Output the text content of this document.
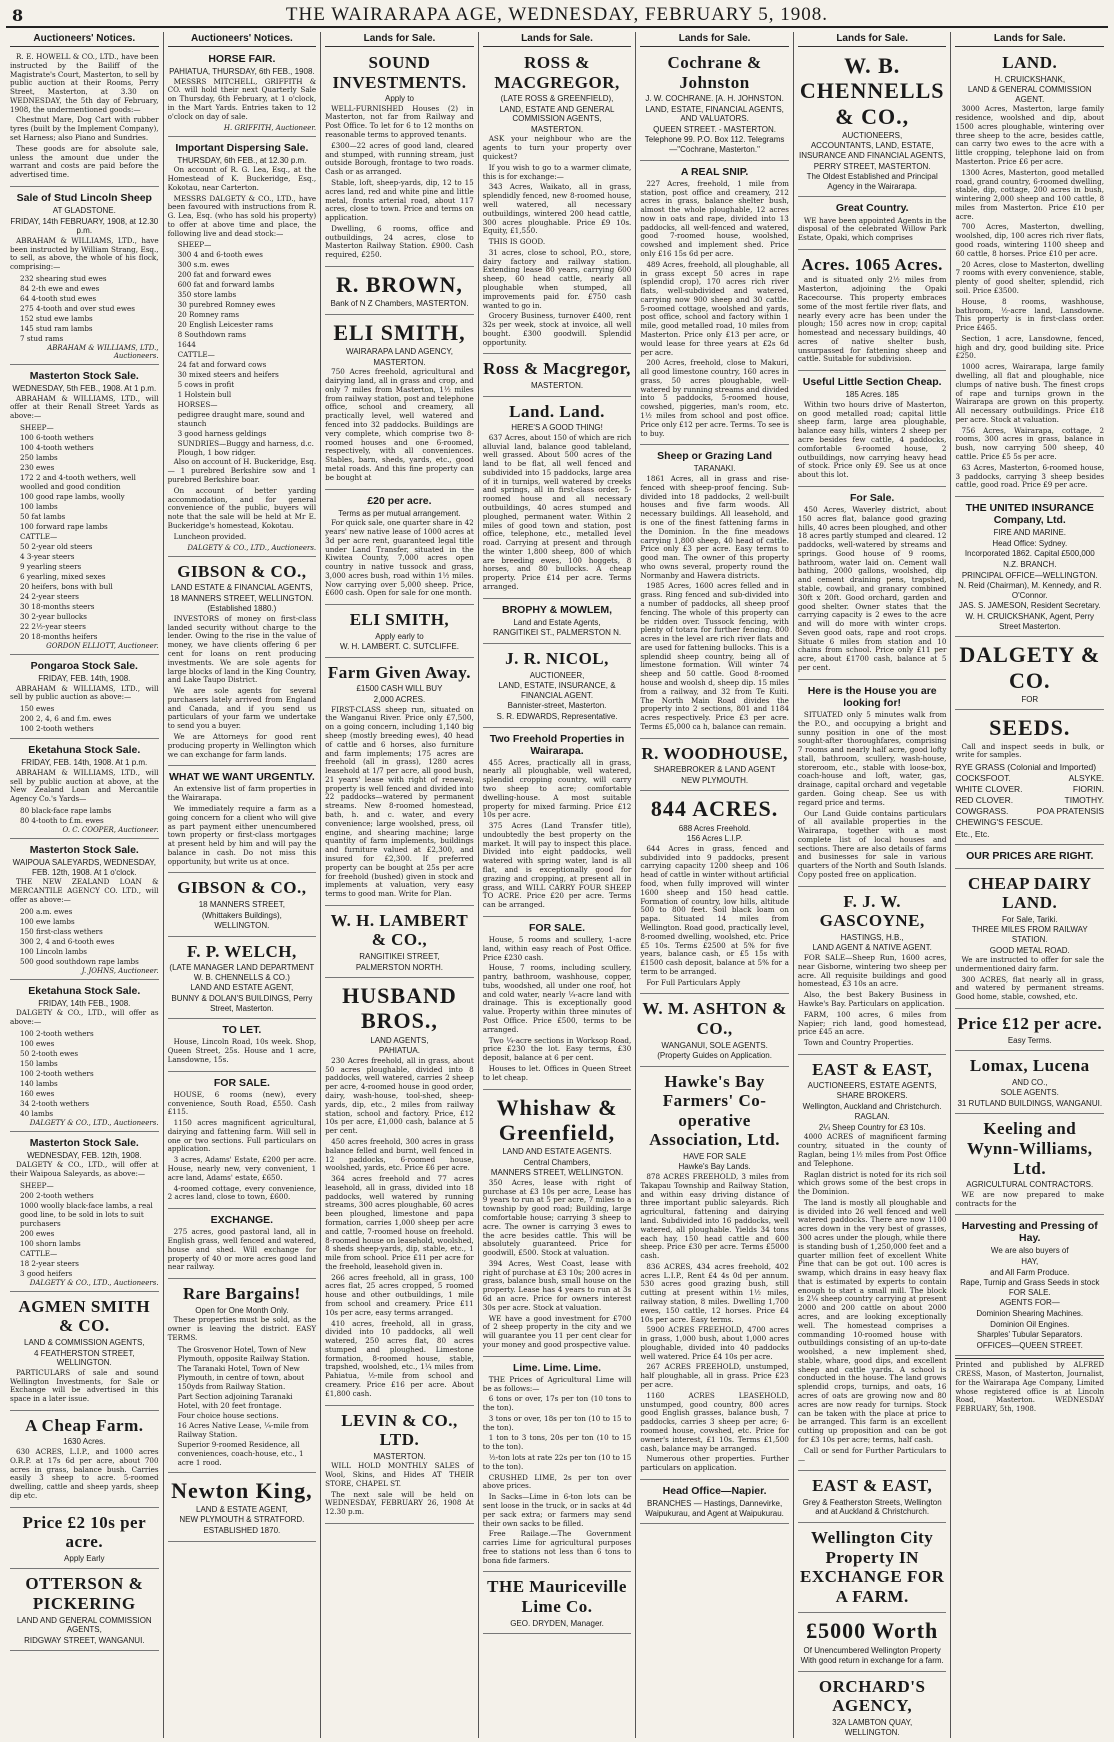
8	THE WAIRARAPA AGE, WEDNESDAY, FEBRUARY 5, 1908.
Auctioneers' Notices.

R. E. HOWELL & CO., LTD., have been instructed by the Bailiff of the Magistrate's Court, Masterton, to sell by public auction at their Rooms, Perry Street, Masterton, at 3.30 on WEDNESDAY, the 5th day of February, 1908, the undermentioned goods:—

Chestnut Mare, Dog Cart with rubber tyres (built by the Implement Company), set Harness; also Piano and Sundries.

These goods are for absolute sale, unless the amount due under the warrant and costs are paid before the advertised time.

Sale of Stud Lincoln Sheep
AT GLADSTONE.
FRIDAY, 14th FEBRUARY, 1908, at 12.30 p.m.

ABRAHAM & WILLIAMS, LTD., have been instructed by William Strang, Esq., to sell, as above, the whole of his flock, comprising:—

232 shearing stud ewes
84 2-th ewe and ewes
64 4-tooth stud ewes
275 4-tooth and over stud ewes
152 stud ewe lambs
145 stud ram lambs
7 stud rams
ABRAHAM & WILLIAMS, LTD., Auctioneers.
Masterton Stock Sale.
WEDNESDAY, 5th FEB., 1908. At 1 p.m.

ABRAHAM & WILLIAMS, LTD., will offer at their Renall Street Yards as above:—

SHEEP—
100 6-tooth wethers
100 4-tooth wethers
250 lambs
230 ewes
172 2 and 4-tooth wethers, well woolled and good condition
100 good rape lambs, woolly
100 lambs
50 fat lambs
100 forward rape lambs
CATTLE—
50 2-year old steers
4 3-year steers
9 yearling steers
6 yearling, mixed sexes
20 heifers, bons with bull
24 2-year steers
30 18-months steers
30 2-year bullocks
22 2½-year steers
20 18-months heifers
GORDON ELLIOTT, Auctioneer.
Pongaroa Stock Sale.
FRIDAY, FEB. 14th, 1908.

ABRAHAM & WILLIAMS, LTD., will sell by public auction as above:—

150 ewes
200 2, 4, 6 and f.m. ewes
100 2-tooth wethers
Eketahuna Stock Sale.
FRIDAY, FEB. 14th, 1908. At 1 p.m.

ABRAHAM & WILLIAMS, LTD., will sell by public auction at above, at the New Zealand Loan and Mercantile Agency Co.'s Yards—

80 black-face rape lambs
80 4-tooth to f.m. ewes
O. C. COOPER, Auctioneer.
Masterton Stock Sale.
WAIPOUA SALEYARDS, WEDNESDAY, FEB. 12th, 1908. At 1 o'clock.

THE NEW ZEALAND LOAN & MERCANTILE AGENCY CO. LTD., will offer as above:—

200 a.m. ewes
100 ewe lambs
150 first-class wethers
300 2, 4 and 6-tooth ewes
100 Lincoln lambs
500 good southdown rape lambs
J. JOHNS, Auctioneer.
Eketahuna Stock Sale.
FRIDAY, 14th FEB., 1908.

DALGETY & CO., LTD., will offer as above:—

100 2-tooth wethers
100 ewes
50 2-tooth ewes
150 lambs
100 2-tooth wethers
140 lambs
160 ewes
34 2-tooth wethers
40 lambs
DALGETY & CO., LTD., Auctioneers.
Masterton Stock Sale.
WEDNESDAY, FEB. 12th, 1908.

DALGETY & CO., LTD., will offer at their Waipoua Saleyards, as above:—

SHEEP—
200 2-tooth wethers
1000 woolly black-face lambs, a real good line, to be sold in lots to suit purchasers
200 ewes
100 shorn lambs
CATTLE—
18 2-year steers
3 good heifers
DALGETY & CO., LTD., Auctioneers.
AGMEN SMITH & CO.
LAND & COMMISSION AGENTS,
4 FEATHERSTON STREET, WELLINGTON.

PARTICULARS of sale and sound Wellington Investments, for Sale or Exchange will be advertised in this space in a later issue.

A Cheap Farm.
1630 Acres.

630 ACRES, L.I.P., and 1000 acres O.R.P. at 17s 6d per acre, about 700 acres in grass, balance bush. Carries easily 3 sheep to acre. 5-roomed dwelling, cattle and sheep yards, sheep dip etc.

Price £2 10s per acre.
Apply Early
OTTERSON & PICKERING
LAND AND GENERAL COMMISSION AGENTS,
RIDGWAY STREET, WANGANUI.
Auctioneers' Notices.
HORSE FAIR.
PAHIATUA, THURSDAY, 6th FEB., 1908.

MESSRS MITCHELL, GRIFFITH & CO. will hold their next Quarterly Sale on Thursday, 6th February, at 1 o'clock, in the Mart Yards. Entries taken to 12 o'clock on day of sale.

H. GRIFFITH, Auctioneer.
Important Dispersing Sale.
THURSDAY, 6th FEB., at 12.30 p.m.

On account of R. G. Lea, Esq., at the Homestead of K. Buckeridge, Esq., Kokotau, near Carterton.

MESSRS DALGETY & CO., LTD., have been favoured with instructions from R. G. Lea, Esq. (who has sold his property) to offer at above time and place, the following live and dead stock:—

SHEEP—
300 4 and 6-tooth ewes
300 s.m. ewes
200 fat and forward ewes
600 fat and forward lambs
350 store lambs
30 purebred Romney ewes
20 Romney rams
20 English Leicester rams
8 Southdown rams
1644
CATTLE—
24 fat and forward cows
30 mixed steers and heifers
5 cows in profit
1 Holstein bull
HORSES—
pedigree draught mare, sound and staunch
3 good harness geldings
SUNDRIES—Buggy and harness, d.c. Plough, 1 bow ridger.

Also on account of H. Buckeridge, Esq.— 1 purebred Berkshire sow and 1 purebred Berkshire boar.

On account of better yarding accommodation, and for general convenience of the public, buyers will note that the sale will be held at Mr E. Buckeridge's homestead, Kokotau.

Luncheon provided.

DALGETY & CO., LTD., Auctioneers.
GIBSON & CO.,
LAND ESTATE & FINANCIAL AGENTS,
18 MANNERS STREET, WELLINGTON.
(Established 1880.)

INVESTORS of money on first-class landed security without charge to the lender. Owing to the rise in the value of money, we have clients offering 6 per cent for loans on rent producing investments. We are sole agents for large blocks of land in the King Country, and Lake Taupo District.

We are sole agents for several purchasers lately arrived from England and Canada, and if you send us particulars of your farm we undertake to send you a buyer.

We are Attorneys for good rent producing property in Wellington which we can exchange for farm lands.

WHAT WE WANT URGENTLY.

An extensive list of farm properties in the Wairarapa.

We immediately require a farm as a going concern for a client who will give as part payment either unencumbered town property or first-class mortgages at present held by him and will pay the balance in cash. Do not miss this opportunity, but write us at once.

GIBSON & CO.,
18 MANNERS STREET,
(Whittakers Buildings),
WELLINGTON.
F. P. WELCH,
(LATE MANAGER LAND DEPARTMENT W. B. CHENNELLS & CO.)
LAND AND ESTATE AGENT,
BUNNY & DOLAN'S BUILDINGS, Perry Street, Masterton.
TO LET.

House, Lincoln Road, 10s week. Shop, Queen Street, 25s. House and 1 acre, Lansdowne, 15s.

FOR SALE.

HOUSE, 6 rooms (new), every convenience, South Road, £550. Cash £115.

1150 acres magnificent agricultural, dairying and fattening farm. Will sell in one or two sections. Full particulars on application.

3 acres, Adams' Estate, £200 per acre. House, nearly new, very convenient, 1 acre land, Adams' estate, £650.

4-roomed cottage, every convenience, 2 acres land, close to town, £600.

EXCHANGE.

275 acres, good pastoral land, all in English grass, well fenced and watered, house and shed. Will exchange for property of 40 or more acres good land near railway.

Rare Bargains!
Open for One Month Only.

These properties must be sold, as the owner is leaving the district. EASY TERMS.

The Grosvenor Hotel, Town of New Plymouth, opposite Railway Station.
The Taranaki Hotel, Town of New Plymouth, in centre of town, about 150yds from Railway Station.
Part Section adjoining Taranaki Hotel, with 20 feet frontage.
Four choice house sections.
16 Acres Native Lease, ¼-mile from Railway Station.
Superior 9-roomed Residence, all conveniences, coach-house, etc., 1 acre 1 rood.
Newton King,
LAND & ESTATE AGENT,
NEW PLYMOUTH & STRATFORD.
ESTABLISHED 1870.
Lands for Sale.
SOUND INVESTMENTS.
Apply to

WELL-FURNISHED Houses (2) in Masterton, not far from Railway and Post Office. To let for 6 to 12 months on reasonable terms to approved tenants.

£300—22 acres of good land, cleared and stumped, with running stream, just outside Borough, frontage to two roads. Cash or as arranged.

Stable, loft, sheep-yards, dip, 12 to 15 acres land, red and white pine and little metal, fronts arterial road, about 117 acres, close to town. Price and terms on application.

Dwelling, 6 rooms, office and outbuildings, 24 acres, close to Masterton Railway Station. £900. Cash required, £250.

R. BROWN,
Bank of N Z Chambers, MASTERTON.
ELI SMITH,
WAIRARAPA LAND AGENCY,
MASTERTON.

750 Acres freehold, agricultural and dairying land, all in grass and crop, and only 7 miles from Masterton, 1½ miles from railway station, post and telephone office, school and creamery, all practically level, well watered and fenced into 32 paddocks. Buildings are very complete, which comprise two 8-roomed houses and one 6-roomed, respectively, with all conveniences. Stables, barn, sheds, yards, etc., good metal roads. And this fine property can be bought at

£20 per acre.
Terms as per mutual arrangement.

For quick sale, one quarter share in 42 years' new native lease of 1000 acres at 3d per acre rent, guaranteed legal title under Land Transfer, situated in the Kiwitea County, 7,000 acres open country in native tussock and grass, 3,000 acres bush, road within 1½ miles. Now carrying over 5,000 sheep. Price, £600 cash. Open for sale for one month.

ELI SMITH,
Apply early to
W. H. LAMBERT. C. SUTCLIFFE.
Farm Given Away.
£1500 CASH WILL BUY
2,000 ACRES.

FIRST-CLASS sheep run, situated on the Wanganui River. Price only £7,500, on a going concern, including 1,140 big sheep (mostly breeding ewes), 40 head of cattle and 6 horses, also furniture and farm implements; 175 acres are freehold (all in grass), 1280 acres leasehold at 1/7 per acre, all good bush, 21 years' lease with right of renewal; property is well fenced and divided into 22 paddocks—watered by permanent streams. New 8-roomed homestead, bath, h. and c. water, and every convenience; large woolshed, press, oil engine, and shearing machine; large quantity of farm implements, buildings and furniture valued at £2,300, and insured for £2,300. If preferred property can be bought at 25s per acre for freehold (bushed) given in stock and implements at valuation, very easy terms to good man. Write for Plan.

W. H. LAMBERT & CO.,
RANGITIKEI STREET,
PALMERSTON NORTH.
HUSBAND BROS.,
LAND AGENTS,
PAHIATUA.

230 Acres freehold, all in grass, about 50 acres ploughable, divided into 8 paddocks, well watered, carries 2 sheep per acre, 4-roomed house in good order, dairy, wash-house, tool-shed, sheep-yards, dip, etc., 2 miles from railway station, school and factory. Price, £12 10s per acre, £1,000 cash, balance at 5 per cent.

450 acres freehold, 300 acres in grass balance felled and burnt, well fenced in 12 paddocks, 6-roomed house, woolshed, yards, etc. Price £6 per acre.

364 acres freehold and 77 acres leasehold, all in grass, divided into 18 paddocks, well watered by running streams, 300 acres ploughable, 60 acres been ploughed, limestone and papa formation, carries 1,000 sheep per acre and cattle, 7-roomed house on freehold. 8-roomed house on leasehold, woolshed, 8 sheds sheep-yards, dip, stable, etc., 1 mile from school. Price £11 per acre for the freehold, leasehold given in.

266 acres freehold, all in grass, 100 acres flat, 25 acres cropped, 5 roomed house and other outbuildings, 1 mile from school and creamery. Price £11 10s per acre, easy terms arranged.

410 acres, freehold, all in grass, divided into 10 paddocks, all well watered, 250 acres flat, 80 acres stumped and ploughed. Limestone formation, 8-roomed house, stable, trapshed, woolshed, etc., 1¼ miles from Pahiatua, ½-mile from school and creamery. Price £16 per acre. About £1,800 cash.

LEVIN & CO., LTD.
MASTERTON.

WILL HOLD MONTHLY SALES of Wool, Skins, and Hides AT THEIR STORE, CHAPEL ST.

The next sale will be held on WEDNESDAY, FEBRUARY 26, 1908 At 12.30 p.m.

Lands for Sale.
ROSS & MACGREGOR,
(LATE ROSS & GREENFIELD),
LAND, ESTATE AND GENERAL COMMISSION AGENTS,
MASTERTON.

ASK your neighbour who are the agents to turn your property over quickest?

If you wish to go to a warmer climate, this is for exchange:—

343 Acres, Waikato, all in grass, splendidly fenced, new 8-roomed house, well watered, all necessary outbuildings, wintered 200 head cattle, 300 acres ploughable. Price £9 10s. Equity, £1,550.

THIS IS GOOD.

31 acres, close to school, P.O., store, dairy factory and railway station. Extending lease 80 years, carrying 600 sheep, 60 head cattle, nearly all ploughable when stumped, all improvements paid for. £750 cash wanted to go in.

Grocery Business, turnover £400, rent 32s per week, stock at invoice, all well bought. £300 goodwill. Splendid opportunity.

Ross & Macgregor,
MASTERTON.
Land. Land.
HERE'S A GOOD THING!

637 Acres, about 150 of which are rich alluvial land, balance good tableland, well grassed. About 500 acres of the land to be flat, all well fenced and subdivided into 15 paddocks, large area of it in turnips, well watered by creeks and springs, all in first-class order, 5-roomed house and all necessary outbuildings, 40 acres stumped and ploughed, permanent water. Within 2 miles of good town and station, post office, telephone, etc., metalled level road. Carrying at present and through the winter 1,800 sheep, 800 of which are breeding ewes, 100 hoggets, 8 horses, and 80 bullocks. A cheap property. Price £14 per acre. Terms arranged.

BROPHY & MOWLEM,
Land and Estate Agents,
RANGITIKEI ST., PALMERSTON N.
J. R. NICOL,
AUCTIONEER,
LAND, ESTATE, INSURANCE, & FINANCIAL AGENT.
Bannister-street, Masterton.
S. R. EDWARDS, Representative.
Two Freehold Properties in Wairarapa.

455 Acres, practically all in grass, nearly all ploughable, well watered, splendid cropping country, will carry two sheep to acre; comfortable dwelling-house. A most suitable property for mixed farming. Price £12 10s per acre.

375 Acres (Land Transfer title), undoubtedly the best property on the market. It will pay to inspect this place. Divided into eight paddocks, well watered with spring water, land is all flat, and is exceptionally good for grazing and cropping, at present all in grass, and WILL CARRY FOUR SHEEP TO ACRE. Price £20 per acre. Terms can be arranged.

FOR SALE.

House, 5 rooms and scullery, 1-acre land, within easy reach of Post Office. Price £230 cash.

House, 7 rooms, including scullery, pantry, bathroom, washhouse, copper, tubs, woodshed, all under one roof, hot and cold water, nearly ¼-acre land with drainage. This is exceptionally good value. Property within three minutes of Post Office. Price £500, terms to be arranged.

Two ¼-acre sections in Worksop Road, price £230 the lot. Easy terms, £30 deposit, balance at 6 per cent.

Houses to let. Offices in Queen Street to let cheap.

Whishaw & Greenfield,
LAND AND ESTATE AGENTS.
Central Chambers,
MANNERS STREET, WELLINGTON.

350 Acres, lease with right of purchase at £3 10s per acre, Lease has 9 years to run at 5 per acre, 7 miles to a township by good road; Building, large comfortable house; carrying 3 sheep to acre. The owner is carrying 3 ewes to the acre besides cattle. This will be absolutely guaranteed. Price for goodwill, £500. Stock at valuation.

394 Acres, West Coast, lease with right of purchase at £3 10s; 200 acres in grass, balance bush, small house on the property. Lease has 4 years to run at 3s 6d an acre. Price for owners interest 30s per acre. Stock at valuation.

WE have a good investment for £700 of 2 sheep property in the city and we will guarantee you 11 per cent clear for your money and good prospective value.

Lime. Lime. Lime.

THE Prices of Agricultural Lime will be as follows:—

6 tons or over, 17s per ton (10 tons to the ton).

3 tons or over, 18s per ton (10 to 15 to the ton).

1 ton to 3 tons, 20s per ton (10 to 15 to the ton).

½-ton lots at rate 22s per ton (10 to 15 to the ton).

CRUSHED LIME, 2s per ton over above prices.

In Sacks—Lime in 6-ton lots can be sent loose in the truck, or in sacks at 4d per sack extra; or farmers may send their own sacks to be filled.

Free Railage.—The Government carries Lime for agricultural purposes free to stations not less than 6 tons to bona fide farmers.

THE Mauriceville Lime Co.
GEO. DRYDEN, Manager.
Lands for Sale.
Cochrane & Johnston
J. W. COCHRANE. [A. H. JOHNSTON.
LAND, ESTATE, FINANCIAL AGENTS, AND VALUATORS.
QUEEN STREET. - MASTERTON.
Telephone 99. P.O. Box 112. Telegrams —"Cochrane, Masterton."
A REAL SNIP.

227 Acres, freehold, 1 mile from station, post office and creamery, 212 acres in grass, balance shelter bush, almost the whole ploughable, 12 acres now in oats and rape, divided into 13 paddocks, all well-fenced and watered, good 7-roomed house, woolshed, cowshed and implement shed. Price only £16 15s 6d per acre.

489 Acres, freehold, all ploughable, all in grass except 50 acres in rape (splendid crop), 170 acres rich river flats, well-subdivided and watered, carrying now 900 sheep and 30 cattle. 5-roomed cottage, woolshed and yards, post office, school and factory within 1 mile, good metalled road, 10 miles from Masterton. Price only £13 per acre, or would lease for three years at £2s 6d per acre.

200 Acres, freehold, close to Makuri, all good limestone country, 160 acres in grass, 50 acres ploughable, well-watered by running streams and divided into 5 paddocks, 5-roomed house, cowshed, piggeries, man's room, etc. 1½ miles from school and post office. Price only £12 per acre. Terms. To see is to buy.

Sheep or Grazing Land
TARANAKI.

1861 Acres, all in grass and rise-fenced with sheep-proof fencing. Sub-divided into 18 paddocks, 2 well-built houses and five farm woods. All necessary buildings. All leasehold, and is one of the finest fattening farms in the Dominion. In the fine meadows carrying 1,800 sheep, 40 head of cattle. Price only £3 per acre. Easy terms to good man. The owner of this property who owns several, property round the Normanby and Hawera districts.

1985 Acres, 1600 acres felled and in grass. Ring fenced and sub-divided into a number of paddocks, all sheep proof fencing. The whole of this property can be ridden over. Tussock fencing, with plenty of totara for further fencing. 800 acres in the level are rich river flats and are used for fattening bullocks. This is a splendid sheep country, being all of limestone formation. Will winter 74 sheep and 50 cattle. Good 8-roomed house and woolsh d, sheep dip. 15 miles from a railway, and 32 from Te Kuiti. The North Main Road divides the property into 2 sections, 801 and 1184 acres respectively. Price £3 per acre. Terms £5,000 ca h, balance can remain.

R. WOODHOUSE,
SHAREBROKER & LAND AGENT
NEW PLYMOUTH.
844 ACRES.
688 Acres Freehold.
156 Acres L.I.P.

644 Acres in grass, fenced and subdivided into 9 paddocks, present carrying capacity 1200 sheep and 106 head of cattle in winter without artificial food, when fully improved will winter 1600 sheep and 150 head cattle. Formation of country, low hills, altitude 500 to 800 feet. Soil black loam on papa. Situated 14 miles from Wellington. Road good, practically level, 8-roomed dwelling, woolshed, etc. Price £5 10s. Terms £2500 at 5% for five years, balance cash, or £5 15s with £1500 cash deposit, balance at 5% for a term to be arranged.

For Full Particulars Apply

W. M. ASHTON & CO.,
WANGANUI, SOLE AGENTS.
(Property Guides on Application.
Hawke's Bay Farmers' Co-operative Association, Ltd.
HAVE FOR SALE
Hawke's Bay Lands.

878 ACRES FREEHOLD, 3 miles from Takapau Township and Railway Station, and within easy driving distance of three important public saleyards. Rich agricultural, fattening and dairying land. Subdivided into 16 paddocks, well watered, all ploughable. Yields 34 tons each hay, 150 head cattle and 600 sheep. Price £30 per acre. Terms £5000 cash.

836 ACRES, 434 acres freehold, 402 acres L.I.P., Rent £4 4s 0d per annum. 530 acres good grazing bush, still cutting at present within 1½ miles, railway station, 8 miles. Dwelling 1,700 ewes, 150 cattle, 12 horses. Price £4 10s per acre. Easy terms.

5900 ACRES FREEHOLD, 4700 acres in grass, 1,000 bush, about 1,000 acres ploughable, divided into 40 paddocks well watered. Price £4 10s per acre.

267 ACRES FREEHOLD, unstumped, half ploughable, all in grass. Price £23 per acre.

1160 ACRES LEASEHOLD, unstumped, good country, 800 acres good English grasses, balance bush, 7 paddocks, carries 3 sheep per acre; 6-roomed house, cowshed, etc. Price for owner's interest, £1 10s. Terms £1,500 cash, balance may be arranged.

Numerous other properties. Further particulars on application.

Head Office—Napier.
BRANCHES — Hastings, Dannevirke, Waipukurau, and Agent at Waipukurau.
Lands for Sale.
W. B. CHENNELLS & CO.,
AUCTIONEERS,
ACCOUNTANTS, LAND, ESTATE, INSURANCE AND FINANCIAL AGENTS,
PERRY STREET, MASTERTON.
The Oldest Established and Principal Agency in the Wairarapa.
Great Country.

WE have been appointed Agents in the disposal of the celebrated Willow Park Estate, Opaki, which comprises

Acres. 1065 Acres.

and is situated only 2½ miles from Masterton, adjoining the Opaki Racecourse. This property embraces some of the most fertile river flats, and nearly every acre has been under the plough; 150 acres now in crop; capital homestead and necessary buildings, 40 acres of native shelter bush, unsurpassed for fattening sheep and cattle. Suitable for subdivision.

Useful Little Section Cheap.
185 Acres. 185

Within two hours drive of Masterton, on good metalled road; capital little sheep farm, large area ploughable, balance easy hills, winters 2 sheep per acre besides few cattle, 4 paddocks, comfortable 6-roomed house, 2 outbuildings, now carrying heavy head of stock. Price only £9. See us at once about this lot.

For Sale.

450 Acres, Waverley district, about 150 acres flat, balance good grazing hills, 40 acres been ploughed, and other 18 acres partly stumped and cleared. 12 paddocks, well-watered by streams and springs. Good house of 9 rooms, bathroom, water laid on. Cement wall bathing, 2000 gallons, woolshed, dip and cement draining pens, trapshed, stable, cowbail, and granary combined 30ft x 20ft. Good orchard, garden and good shelter. Owner states that the carrying capacity is 2 ewes to the acre and will do more with winter crops. Seven good oats, rape and root crops. Situate 6 miles from station and 10 chains from school. Price only £11 per acre, about £1700 cash, balance at 5 per cent.

Here is the House you are looking for!

SITUATED only 5 minutes walk from the P.O., and occupying a bright and sunny position in one of the most sought-after thoroughfares, comprising 7 rooms and nearly half acre, good lofty stall, bathroom, scullery, wash-house, storeroom, etc., stable with loose-box, coach-house and loft, water, gas, drainage, capital orchard and vegetable garden. Going cheap. See us with regard price and terms.

Our Land Guide contains particulars of all available properties in the Wairarapa, together with a most complete list of local houses and sections. There are also details of farms and businesses for sale in various quarters of the North and South Islands. Copy posted free on application.

F. J. W. GASCOYNE,
HASTINGS, H.B.,
LAND AGENT & NATIVE AGENT.

FOR SALE—Sheep Run, 1600 acres, near Gisborne, wintering two sheep per acre. All requisite buildings and good homestead, £3 10s an acre.

Also, the best Bakery Business in Hawke's Bay. Particulars on application.

FARM, 100 acres, 6 miles from Napier; rich land, good homestead, price £45 an acre.

Town and Country Properties.

EAST & EAST,
AUCTIONEERS, ESTATE AGENTS, SHARE BROKERS.
Wellington, Auckland and Christchurch.
RAGLAN.
2¼ Sheep Country for £3 10s.

4000 ACRES of magnificent farming country, situated in the county of Raglan, being 1½ miles from Post Office and Telephone.

Raglan district is noted for its rich soil which grows some of the best crops in the Dominion.

The land is mostly all ploughable and is divided into 26 well fenced and well watered paddocks. There are now 1100 acres down in the very best of grasses, 300 acres under the plough, while there is standing bush of 1,250,000 feet and a quarter million feet of excellent White Pine that can be got out. 100 acres is swamp, which drains in easy heavy flax that is estimated by experts to contain enough to start a small mill. The block is 2¼ sheep country carrying at present 2000 and 200 cattle on about 2000 acres, and are looking exceptionally well. The homestead comprises a commanding 10-roomed house with outbuildings consisting of an up-to-date woolshed, a new implement shed, stable, whare, good dips, and excellent sheep and cattle yards. A school is conducted in the house. The land grows splendid crops, turnips, and oats, 16 acres of oats are growing now and 80 acres are now ready for turnips. Stock can be taken with the place at price to be arranged. This farm is an excellent cutting up proposition and can be got for £3 10s per acre; terms, half cash.

Call or send for Further Particulars to—

EAST & EAST,
Grey & Featherston Streets, Wellington and at Auckland & Christchurch.
Wellington City Property IN EXCHANGE FOR A FARM.
£5000 Worth
Of Unencumbered Wellington Property
With good return in exchange for a farm.
ORCHARD'S AGENCY,
32A LAMBTON QUAY,
WELLINGTON.
Lands for Sale.
LAND.
H. CRUICKSHANK,
LAND & GENERAL COMMISSION AGENT.

3000 Acres, Masterton, large family residence, woolshed and dip, about 1500 acres ploughable, wintering over three sheep to the acre, besides cattle, can carry two ewes to the acre with a little cropping, telephone laid on from Masterton. Price £6 per acre.

1300 Acres, Masterton, good metalled road, grand country, 6-roomed dwelling, stable, dip, cottage, 200 acres in bush, wintering 2,000 sheep and 100 cattle, 8 miles from Masterton. Price £10 per acre.

700 Acres, Masterton, dwelling, woolshed, dip, 100 acres rich river flats, good roads, wintering 1100 sheep and 60 cattle, 8 horses. Price £10 per acre.

20 Acres, close to Masterton, dwelling 7 rooms with every convenience, stable, plenty of good shelter, splendid, rich soil. Price £3500.

House, 8 rooms, washhouse, bathroom, ½-acre land, Lansdowne. This property is in first-class order. Price £465.

Section, 1 acre, Lansdowne, fenced, high and dry, good building site. Price £250.

1000 acres, Wairarapa, large family dwelling, all flat and ploughable, nice clumps of native bush. The finest crops of rape and turnips grown in the Wairarapa are grown on this property. All necessary outbuildings. Price £18 per acre. Stock at valuation.

756 Acres, Wairarapa, cottage, 2 rooms, 300 acres in grass, balance in bush, now carrying 500 sheep, 40 cattle. Price £5 5s per acre.

63 Acres, Masterton, 6-roomed house, 3 paddocks, carrying 3 sheep besides cattle, good road. Price £9 per acre.

THE UNITED INSURANCE Company, Ltd.
FIRE AND MARINE.
Head Office: Sydney.
Incorporated 1862. Capital £500,000
N.Z. BRANCH.
PRINCIPAL OFFICE—WELLINGTON.
N. Reid (Chairman), M. Kennedy, and R. O'Connor.
JAS. S. JAMESON, Resident Secretary.
W. H. CRUICKSHANK, Agent, Perry Street Masterton.
DALGETY & CO.
FOR
SEEDS.

Call and inspect seeds in bulk, or write for samples.

RYE GRASS (Colonial and Imported)
COCKSFOOT.	ALSYKE.
WHITE CLOVER.	FIORIN.
RED CLOVER.	TIMOTHY.
COWGRASS.	POA PRATENSIS
CHEWING'S FESCUE.
Etc., Etc.
OUR PRICES ARE RIGHT.
CHEAP DAIRY LAND.
For Sale, Tariki.
THREE MILES FROM RAILWAY STATION.
GOOD METAL ROAD.

We are instructed to offer for sale the undermentioned dairy farm.

300 ACRES, flat nearly all in grass, and watered by permanent streams. Good home, stable, cowshed, etc.

Price £12 per acre.
Easy Terms.
Lomax, Lucena
AND CO.,
SOLE AGENTS.
31 RUTLAND BUILDINGS, WANGANUI.
Keeling and Wynn-Williams, Ltd.
AGRICULTURAL CONTRACTORS.

WE are now prepared to make contracts for the

Harvesting and Pressing of Hay.
We are also buyers of
HAY,
and All Farm Produce.
Rape, Turnip and Grass Seeds in stock FOR SALE.
AGENTS FOR—
Dominion Shearing Machines.
Dominion Oil Engines.
Sharples' Tubular Separators.
OFFICES—QUEEN STREET.
Printed and published by ALFRED CRESS, Mason, of Masterton, Journalist, for the Wairarapa Age Company, Limited whose registered office is at Lincoln Road, Masterton. WEDNESDAY FEBRUARY, 5th, 1908.
